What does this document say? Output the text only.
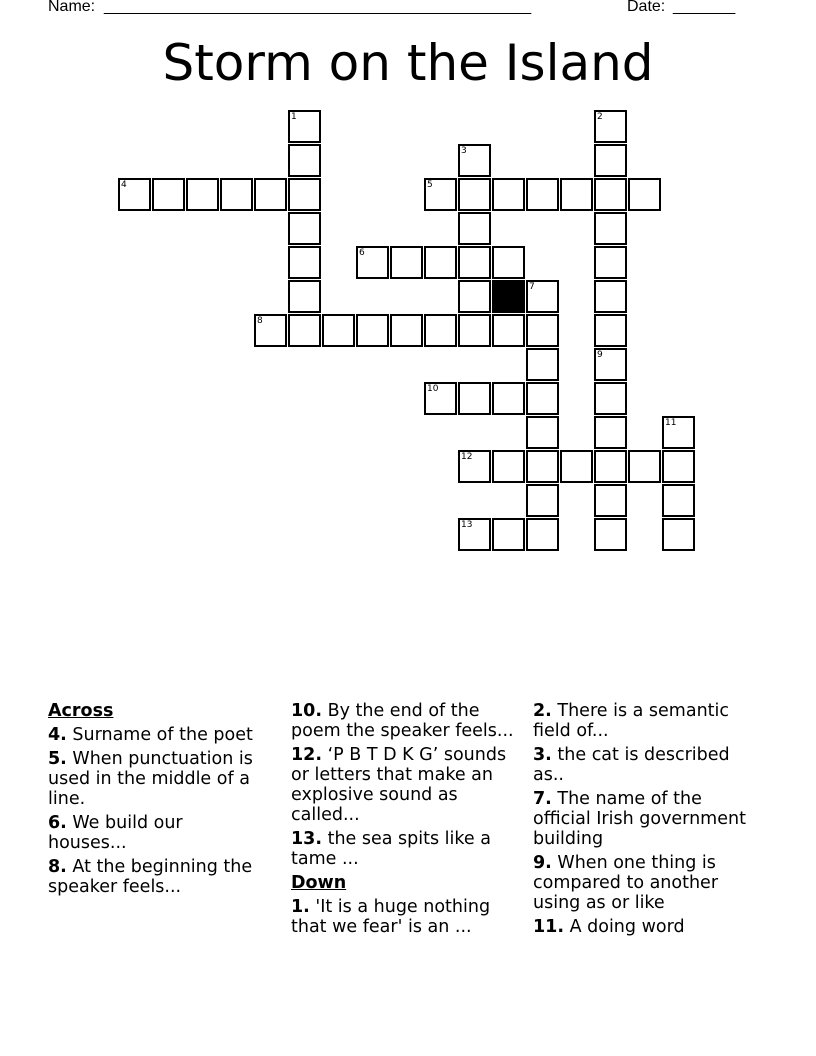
Name: ________________________________________________	Date: _______
Storm on the Island
1	2
3
4	5
6
7
8
9
10
11
12
13
Across
4. Surname of the poet
5. When punctuation is used in the middle of a line.
6. We build our houses...
8. At the beginning the speaker feels...
10. By the end of the poem the speaker feels...
12. ‘P B T D K G’ sounds or letters that make an explosive sound as called...
13. the sea spits like a tame ...
Down
1. 'It is a huge nothing that we fear' is an ...
2. There is a semantic field of...
3. the cat is described as..
7. The name of the official Irish government building
9. When one thing is compared to another using as or like
11. A doing word
